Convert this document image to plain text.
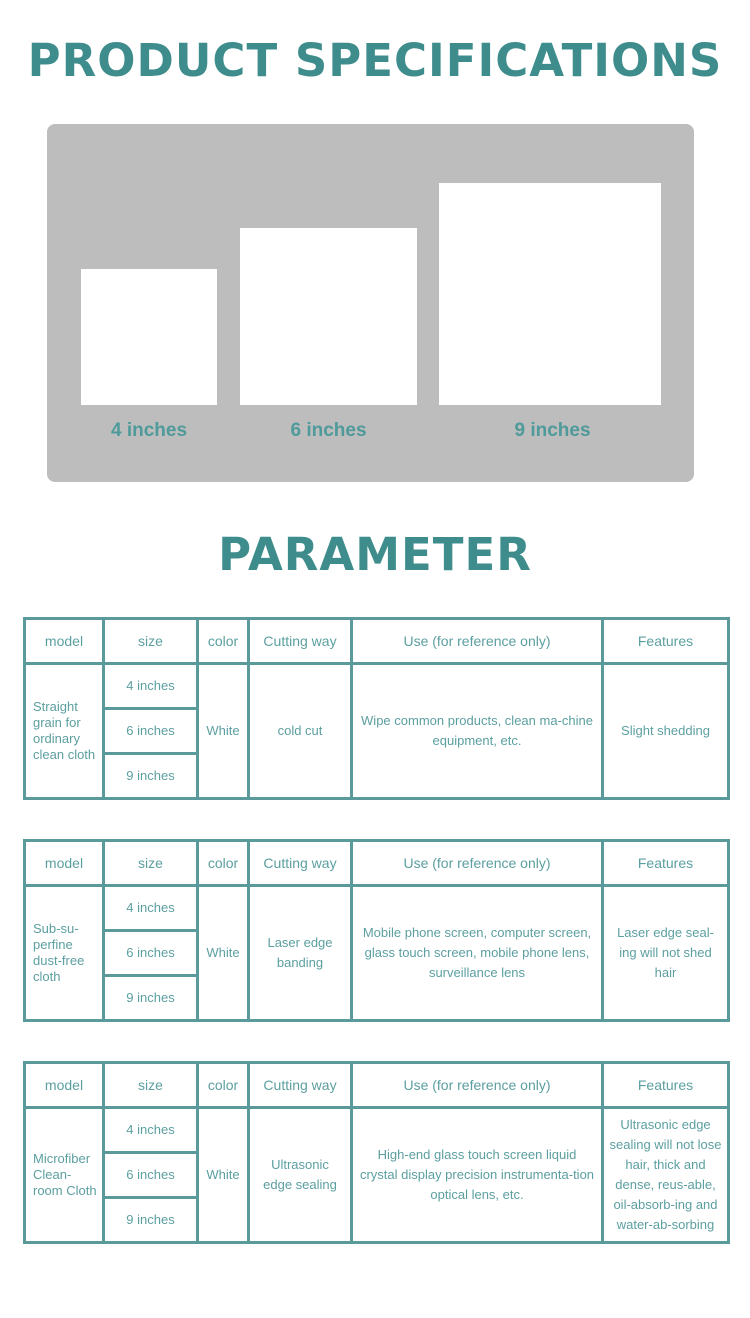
PRODUCT SPECIFICATIONS
4 inches	6 inches	9 inches
PARAMETER
model	size	color	Cutting way	Use (for reference only)	Features
Straight grain for ordinary clean cloth	4 inches	White	cold cut	Wipe common products, clean ma-chine equipment, etc.	Slight shedding
	6 inches				
	9 inches				
model	size	color	Cutting way	Use (for reference only)	Features
Sub-su-perfine dust-free cloth	4 inches	White	Laser edge banding	Mobile phone screen, computer screen, glass touch screen, mobile phone lens, surveillance lens	Laser edge seal-ing will not shed hair
	6 inches				
	9 inches				
model	size	color	Cutting way	Use (for reference only)	Features
Microfiber Clean-room Cloth	4 inches	White	Ultrasonic edge sealing	High-end glass touch screen liquid crystal display precision instrumenta-tion optical lens, etc.	Ultrasonic edge sealing will not lose hair, thick and dense, reus-able, oil-absorb-ing and water-ab-sorbing
	6 inches				
	9 inches				
